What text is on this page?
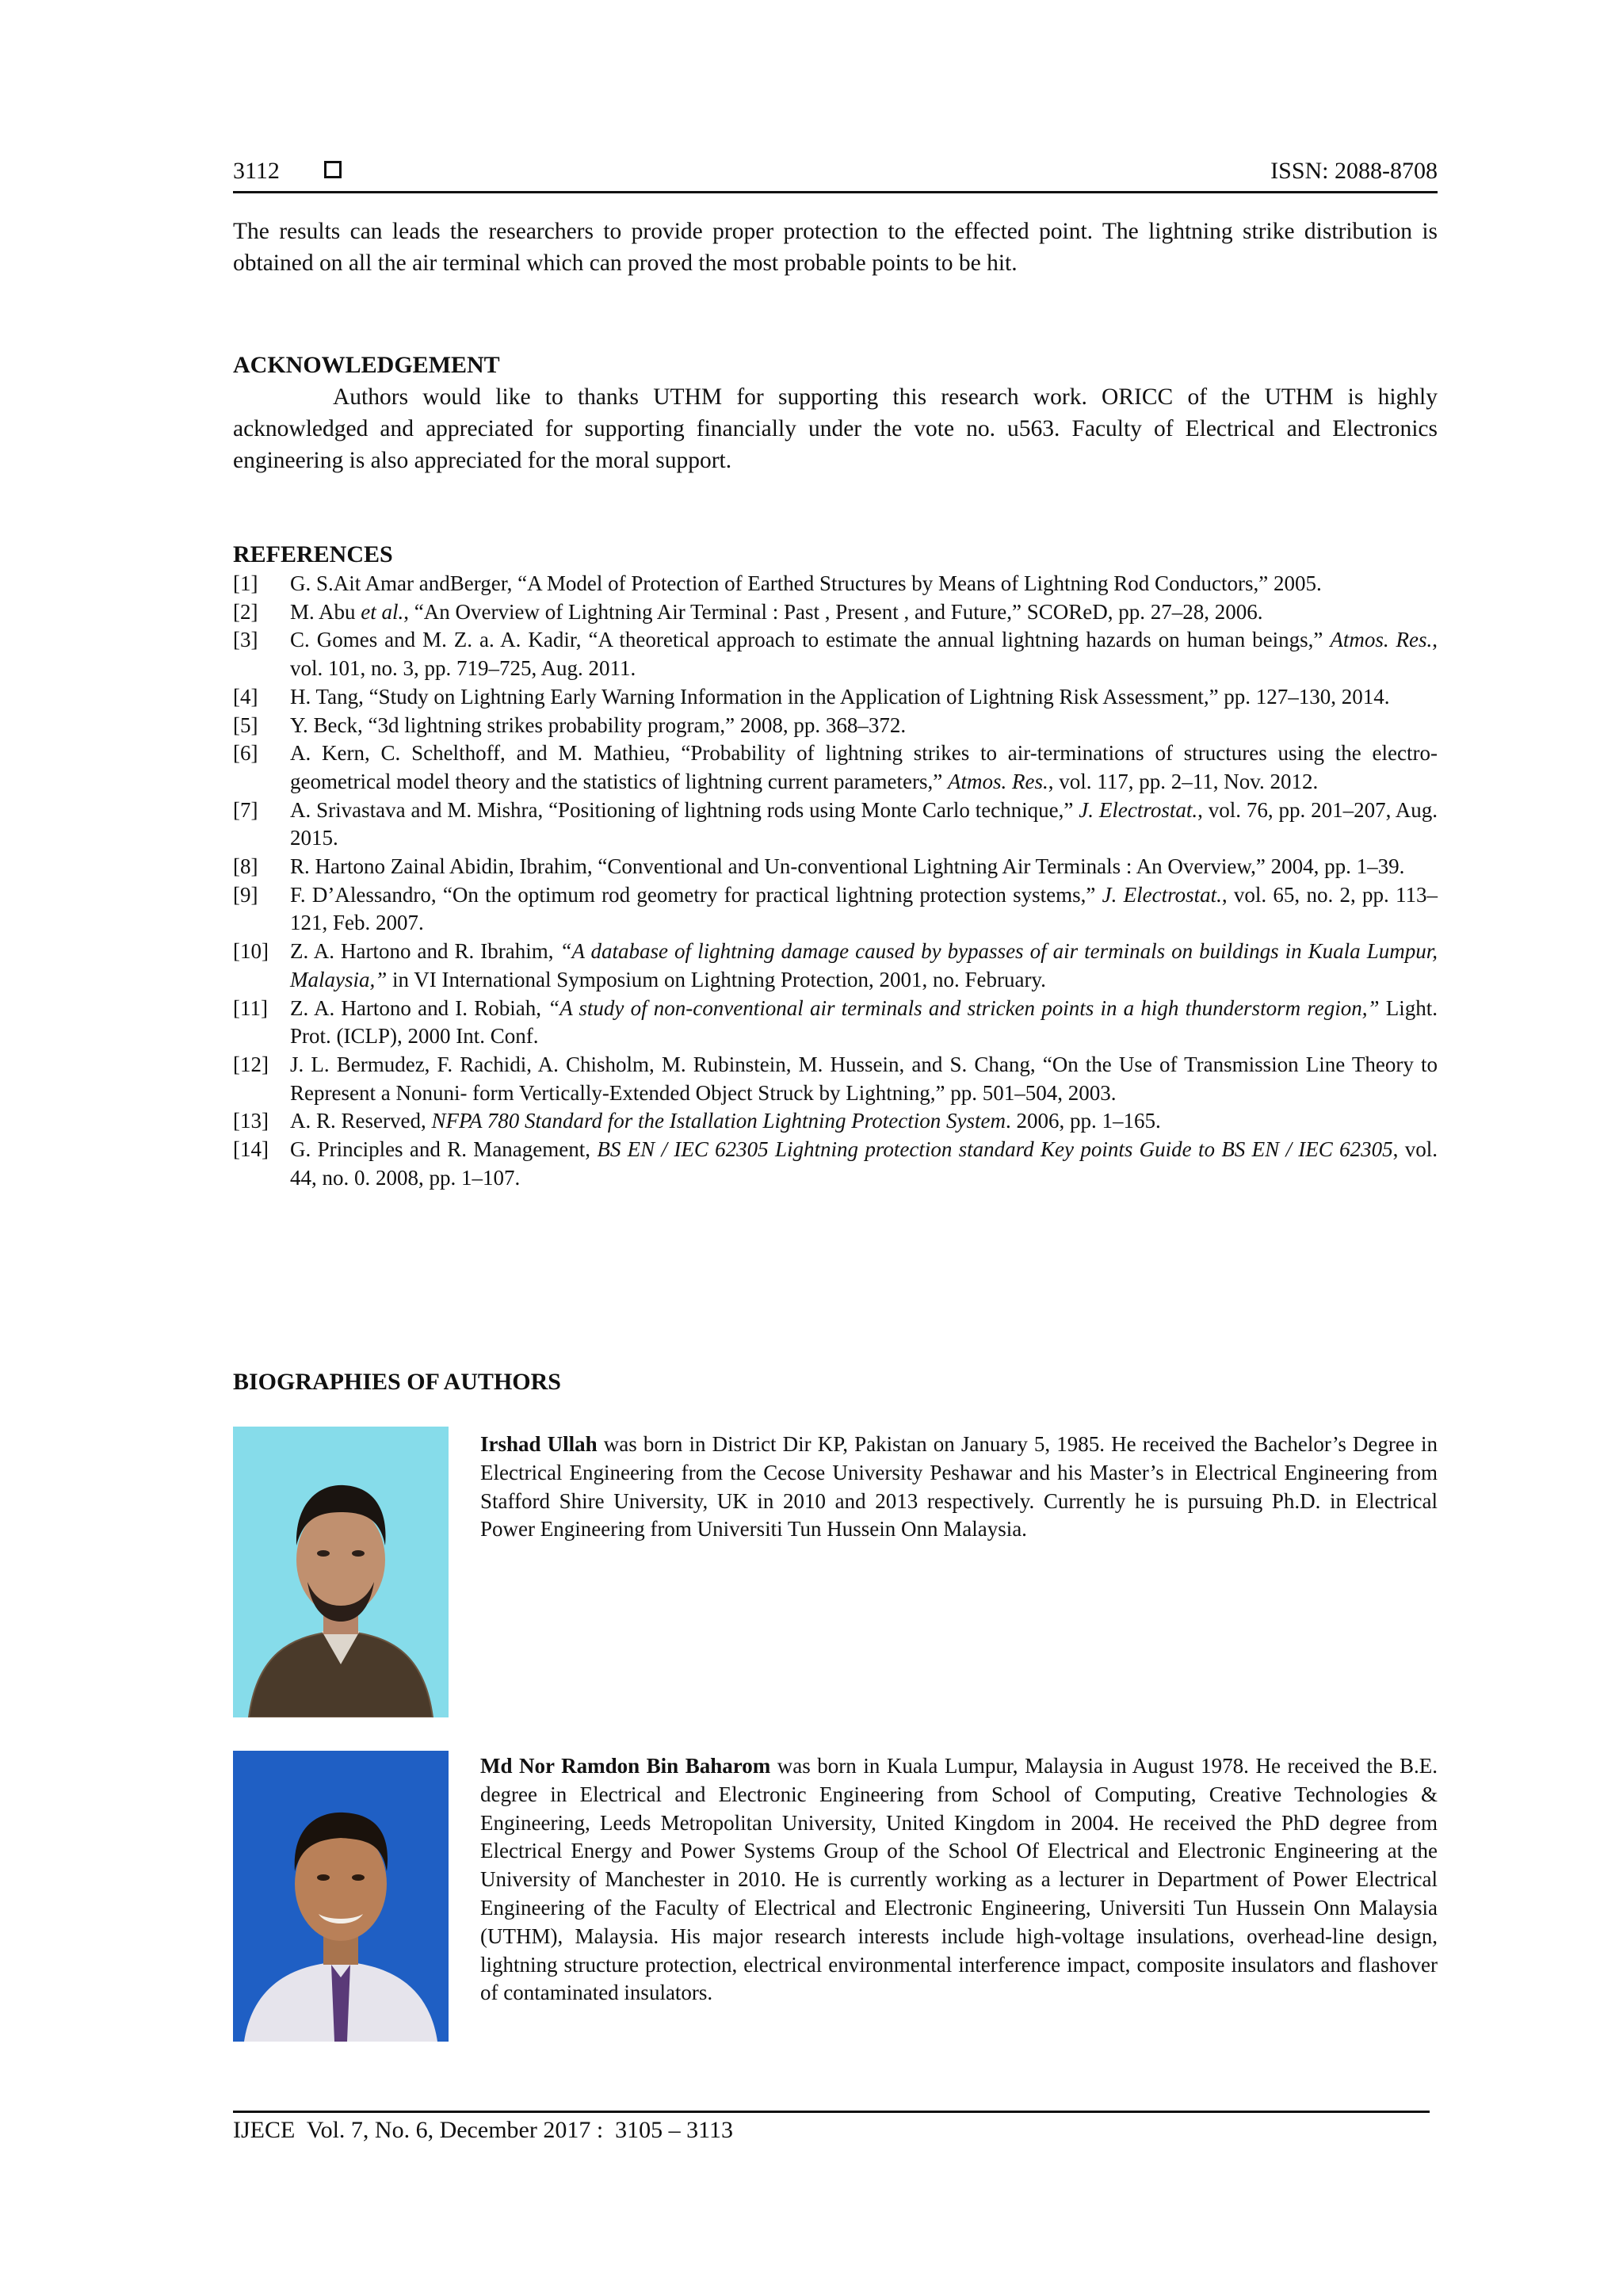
3112	ISSN: 2088-8708

The results can leads the researchers to provide proper protection to the effected point. The lightning strike distribution is obtained on all the air terminal which can proved the most probable points to be hit.

ACKNOWLEDGEMENT

Authors would like to thanks UTHM for supporting this research work. ORICC of the UTHM is highly acknowledged and appreciated for supporting financially under the vote no. u563. Faculty of Electrical and Electronics engineering is also appreciated for the moral support.

REFERENCES
[1]	G. S.Ait Amar andBerger, “A Model of Protection of Earthed Structures by Means of Lightning Rod Conductors,” 2005.
[2]	M. Abu et al., “An Overview of Lightning Air Terminal : Past , Present , and Future,” SCOReD, pp. 27–28, 2006.
[3]	C. Gomes and M. Z. a. A. Kadir, “A theoretical approach to estimate the annual lightning hazards on human beings,” Atmos. Res., vol. 101, no. 3, pp. 719–725, Aug. 2011.
[4]	H. Tang, “Study on Lightning Early Warning Information in the Application of Lightning Risk Assessment,” pp. 127–130, 2014.
[5]	Y. Beck, “3d lightning strikes probability program,” 2008, pp. 368–372.
[6]	A. Kern, C. Schelthoff, and M. Mathieu, “Probability of lightning strikes to air-terminations of structures using the electro-geometrical model theory and the statistics of lightning current parameters,” Atmos. Res., vol. 117, pp. 2–11, Nov. 2012.
[7]	A. Srivastava and M. Mishra, “Positioning of lightning rods using Monte Carlo technique,” J. Electrostat., vol. 76, pp. 201–207, Aug. 2015.
[8]	R. Hartono Zainal Abidin, Ibrahim, “Conventional and Un-conventional Lightning Air Terminals : An Overview,” 2004, pp. 1–39.
[9]	F. D’Alessandro, “On the optimum rod geometry for practical lightning protection systems,” J. Electrostat., vol. 65, no. 2, pp. 113–121, Feb. 2007.
[10]	Z. A. Hartono and R. Ibrahim, “A database of lightning damage caused by bypasses of air terminals on buildings in Kuala Lumpur, Malaysia,” in VI International Symposium on Lightning Protection, 2001, no. February.
[11]	Z. A. Hartono and I. Robiah, “A study of non-conventional air terminals and stricken points in a high thunderstorm region,” Light. Prot. (ICLP), 2000 Int. Conf.
[12]	J. L. Bermudez, F. Rachidi, A. Chisholm, M. Rubinstein, M. Hussein, and S. Chang, “On the Use of Transmission Line Theory to Represent a Nonuni- form Vertically-Extended Object Struck by Lightning,” pp. 501–504, 2003.
[13]	A. R. Reserved, NFPA 780 Standard for the Istallation Lightning Protection System. 2006, pp. 1–165.
[14]	G. Principles and R. Management, BS EN / IEC 62305 Lightning protection standard Key points Guide to BS EN / IEC 62305, vol. 44, no. 0. 2008, pp. 1–107.
BIOGRAPHIES OF AUTHORS

Irshad Ullah was born in District Dir KP, Pakistan on January 5, 1985. He received the Bachelor’s Degree in Electrical Engineering from the Cecose University Peshawar and his Master’s in Electrical Engineering from Stafford Shire University, UK in 2010 and 2013 respectively. Currently he is pursuing Ph.D. in Electrical Power Engineering from Universiti Tun Hussein Onn Malaysia.

Md Nor Ramdon Bin Baharom was born in Kuala Lumpur, Malaysia in August 1978. He received the B.E. degree in Electrical and Electronic Engineering from School of Computing, Creative Technologies & Engineering, Leeds Metropolitan University, United Kingdom in 2004. He received the PhD degree from Electrical Energy and Power Systems Group of the School Of Electrical and Electronic Engineering at the University of Manchester in 2010. He is currently working as a lecturer in Department of Power Electrical Engineering of the Faculty of Electrical and Electronic Engineering, Universiti Tun Hussein Onn Malaysia (UTHM), Malaysia. His major research interests include high-voltage insulations, overhead-line design, lightning structure protection, electrical environmental interference impact, composite insulators and flashover of contaminated insulators.

IJECE  Vol. 7, No. 6, December 2017 :  3105 – 3113
